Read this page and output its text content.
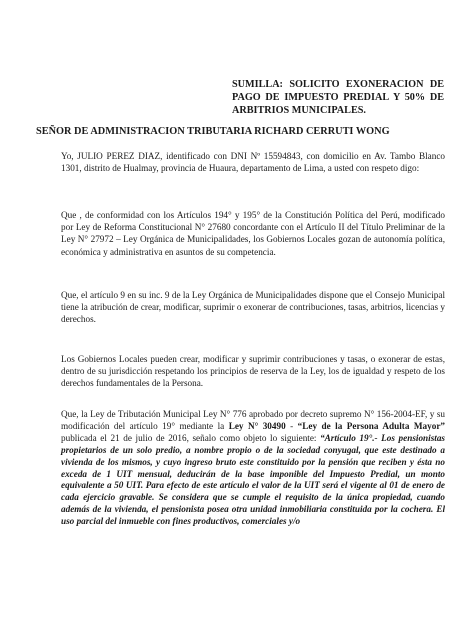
SUMILLA: SOLICITO EXONERACION DE PAGO DE IMPUESTO PREDIAL Y 50% DE ARBITRIOS MUNICIPALES.
SEÑOR DE ADMINISTRACION TRIBUTARIA RICHARD CERRUTI WONG

Yo, JULIO PEREZ DIAZ, identificado con DNI Nº 15594843, con domicilio en Av. Tambo Blanco 1301, distrito de Hualmay, provincia de Huaura, departamento de Lima, a usted con respeto digo:

Que , de conformidad con los Artículos 194° y 195° de la Constitución Política del Perú, modificado por Ley de Reforma Constitucional N° 27680 concordante con el Artículo II del Título Preliminar de la Ley N° 27972 – Ley Orgánica de Municipalidades, los Gobiernos Locales gozan de autonomía política, económica y administrativa en asuntos de su competencia.

Que, el artículo 9 en su inc. 9 de la Ley Orgánica de Municipalidades dispone que el Consejo Municipal tiene la atribución de crear, modificar, suprimir o exonerar de contribuciones, tasas, arbitrios, licencias y derechos.

Los Gobiernos Locales pueden crear, modificar y suprimir contribuciones y tasas, o exonerar de estas, dentro de su jurisdicción respetando los principios de reserva de la Ley, los de igualdad y respeto de los derechos fundamentales de la Persona.

Que, la Ley de Tributación Municipal Ley N° 776 aprobado por decreto supremo N° 156-2004-EF, y su modificación del artículo 19° mediante la Ley N° 30490 - “Ley de la Persona Adulta Mayor” publicada el 21 de julio de 2016, señalo como objeto lo siguiente: “Artículo 19°.- Los pensionistas propietarios de un solo predio, a nombre propio o de la sociedad conyugal, que este destinado a vivienda de los mismos, y cuyo ingreso bruto este constituido por la pensión que reciben y ésta no exceda de 1 UIT mensual, deducirán de la base imponible del Impuesto Predial, un monto equivalente a 50 UIT. Para efecto de este artículo el valor de la UIT será el vigente al 01 de enero de cada ejercicio gravable. Se considera que se cumple el requisito de la única propiedad, cuando además de la vivienda, el pensionista posea otra unidad inmobiliaria constituida por la cochera. El uso parcial del inmueble con fines productivos, comerciales y/o
